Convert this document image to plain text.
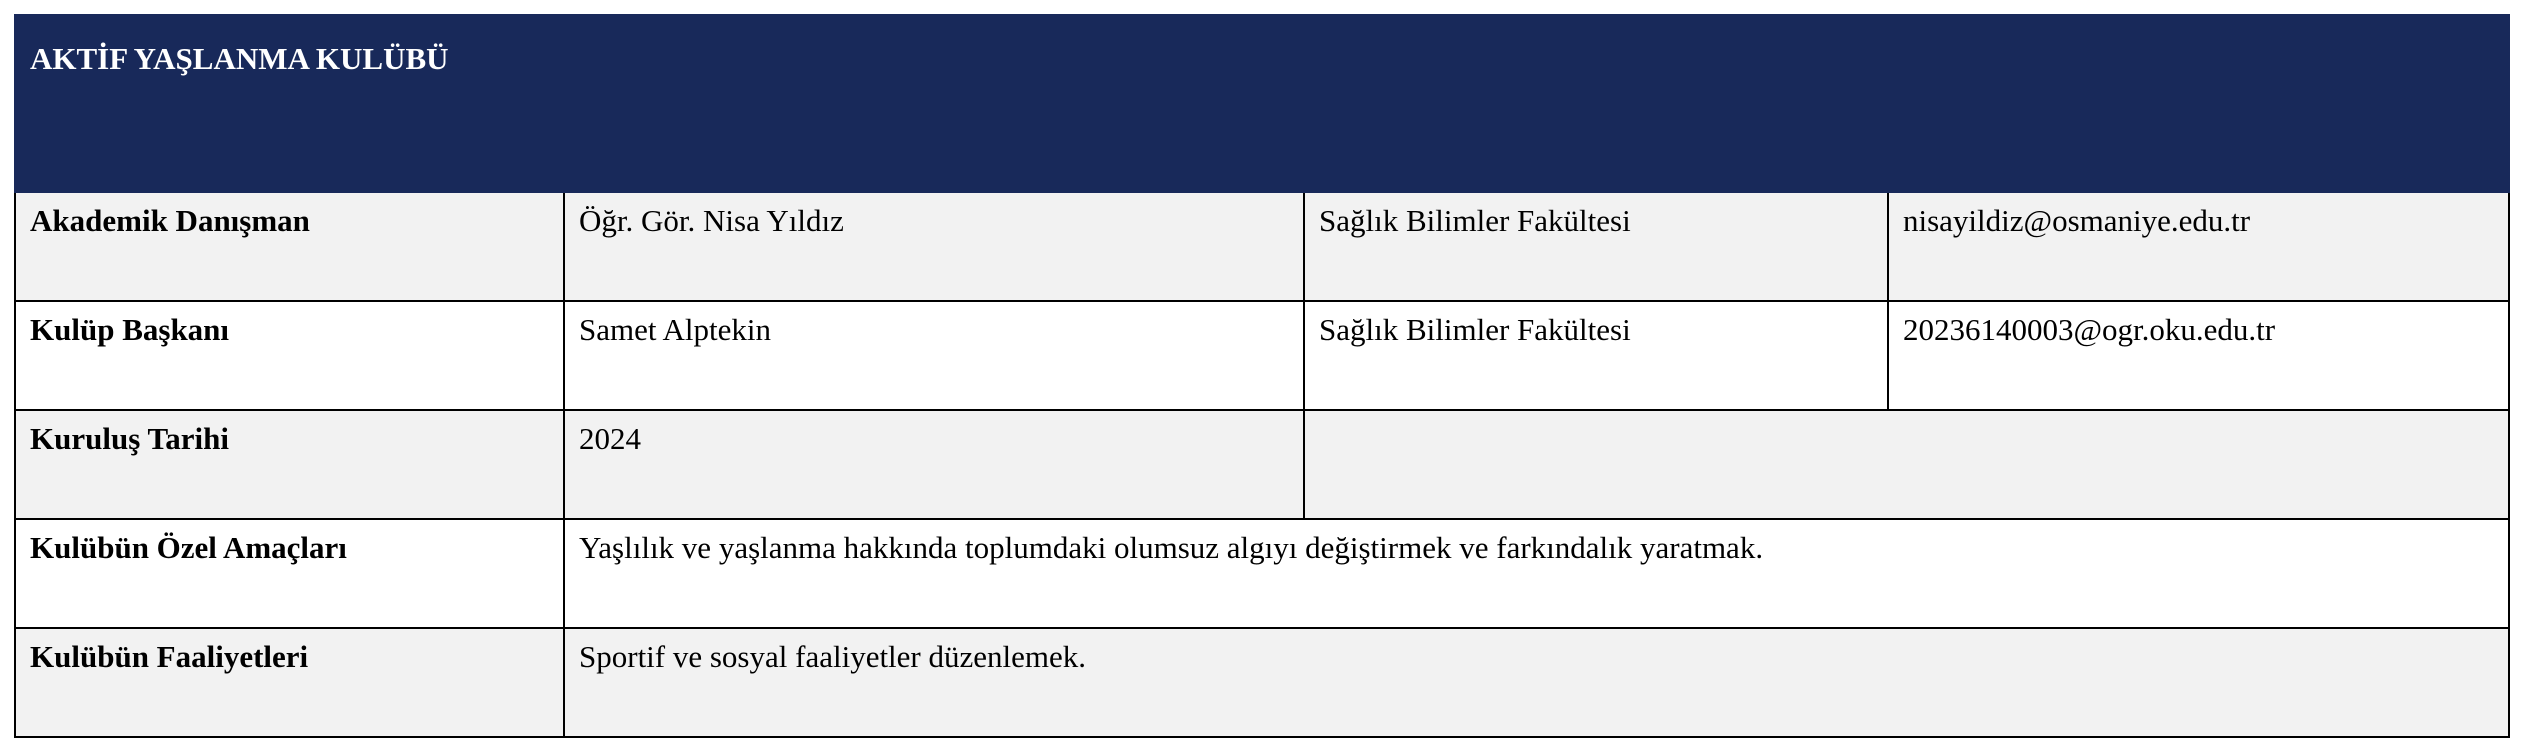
AKTİF YAŞLANMA KULÜBÜ			
Akademik Danışman	Öğr. Gör. Nisa Yıldız	Sağlık Bilimler Fakültesi	nisayildiz@osmaniye.edu.tr
Kulüp Başkanı	Samet Alptekin	Sağlık Bilimler Fakültesi	20236140003@ogr.oku.edu.tr
Kuruluş Tarihi	2024		
Kulübün Özel Amaçları	Yaşlılık ve yaşlanma hakkında toplumdaki olumsuz algıyı değiştirmek ve farkındalık yaratmak.		
Kulübün Faaliyetleri	Sportif ve sosyal faaliyetler düzenlemek.		
